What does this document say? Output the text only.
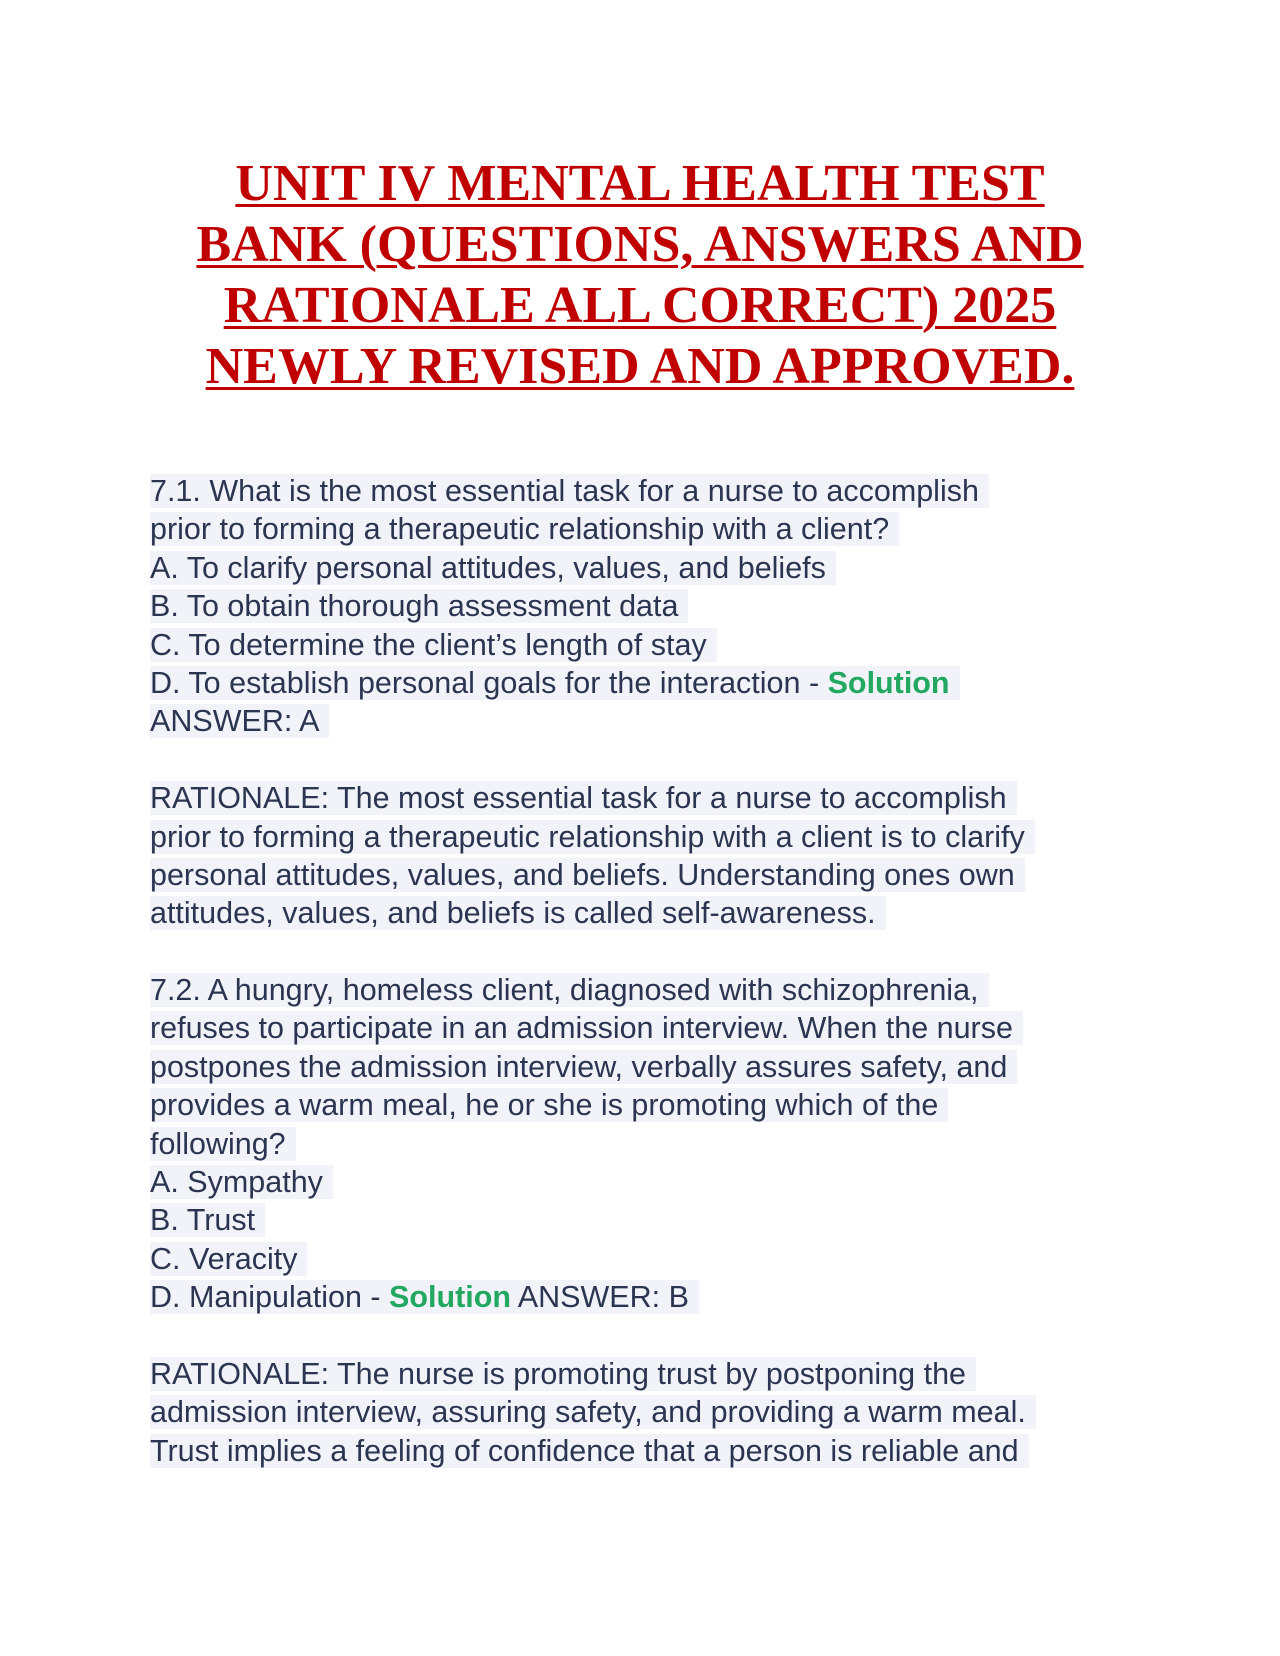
UNIT IV MENTAL HEALTH TEST
BANK (QUESTIONS, ANSWERS AND
RATIONALE ALL CORRECT) 2025
NEWLY REVISED AND APPROVED.
7.1. What is the most essential task for a nurse to accomplish
prior to forming a therapeutic relationship with a client?
A. To clarify personal attitudes, values, and beliefs
B. To obtain thorough assessment data
C. To determine the client’s length of stay
D. To establish personal goals for the interaction - Solution
ANSWER: A
RATIONALE: The most essential task for a nurse to accomplish
prior to forming a therapeutic relationship with a client is to clarify
personal attitudes, values, and beliefs. Understanding ones own
attitudes, values, and beliefs is called self-awareness.
7.2. A hungry, homeless client, diagnosed with schizophrenia,
refuses to participate in an admission interview. When the nurse
postpones the admission interview, verbally assures safety, and
provides a warm meal, he or she is promoting which of the
following?
A. Sympathy
B. Trust
C. Veracity
D. Manipulation - Solution ANSWER: B
RATIONALE: The nurse is promoting trust by postponing the
admission interview, assuring safety, and providing a warm meal.
Trust implies a feeling of confidence that a person is reliable and
